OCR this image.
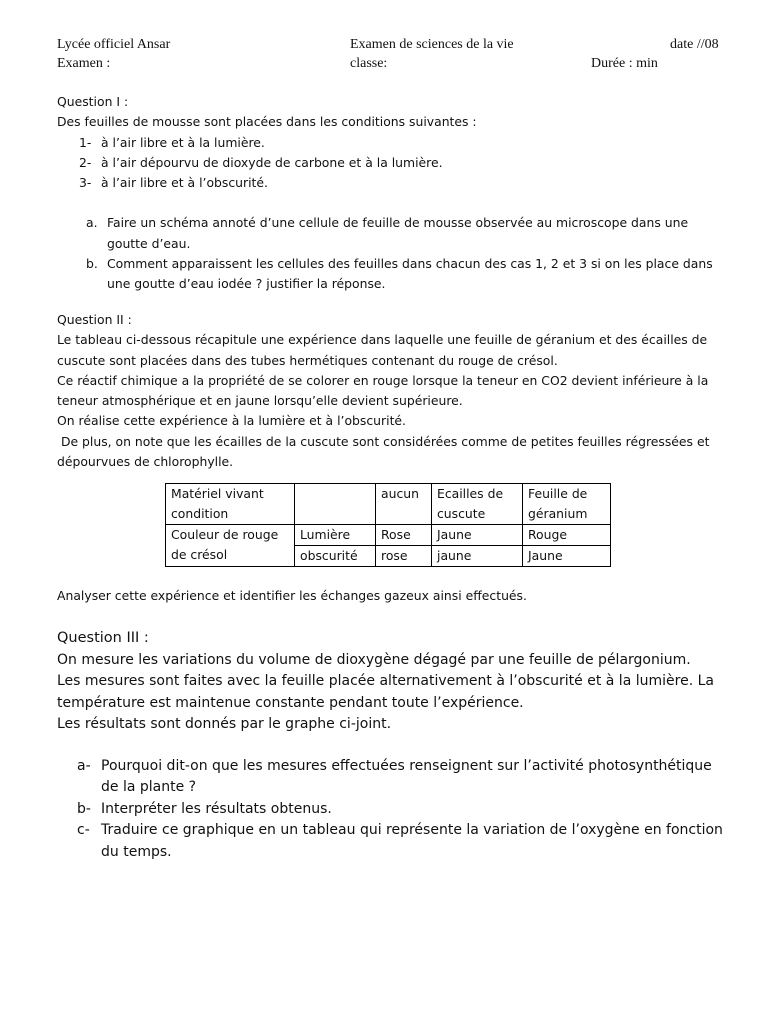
Lycée officiel Ansar
Examen :
Examen de sciences de la vie
classe:
date //08
Durée : min

Question I :

Des feuilles de mousse sont placées dans les conditions suivantes :

1- à l’air libre et à la lumière.
2- à l’air dépourvu de dioxyde de carbone et à la lumière.
3- à l’air libre et à l’obscurité.
a. Faire un schéma annoté d’une cellule de feuille de mousse observée au microscope dans une goutte d’eau.
b. Comment apparaissent les cellules des feuilles dans chacun des cas 1, 2 et 3 si on les place dans une goutte d’eau iodée ? justifier la réponse.

Question II :

Le tableau ci-dessous récapitule une expérience dans laquelle une feuille de géranium et des écailles de cuscute sont placées dans des tubes hermétiques contenant du rouge de crésol.

Ce réactif chimique a la propriété de se colorer en rouge lorsque la teneur en CO2 devient inférieure à la teneur atmosphérique et en jaune lorsqu’elle devient supérieure.

On réalise cette expérience à la lumière et à l’obscurité.

De plus, on note que les écailles de la cuscute sont considérées comme de petites feuilles régressées et dépourvues de chlorophylle.

Matériel vivant condition		aucun	Ecailles de  cuscute	Feuille de géranium
Couleur de rouge  de crésol	Lumière	Rose	Jaune	Rouge
	obscurité	rose	jaune	Jaune
Analyser cette expérience et identifier les échanges gazeux ainsi effectués.

Question III :

On mesure les variations du volume de dioxygène dégagé par une feuille de pélargonium.

Les mesures sont faites avec la feuille placée alternativement à l’obscurité et à la lumière. La température est maintenue constante pendant toute l’expérience.

Les résultats sont donnés par le graphe ci-joint.

a- Pourquoi dit-on que les mesures effectuées renseignent sur l’activité photosynthétique de la plante ?
b- Interpréter les résultats obtenus.
c- Traduire ce graphique en un tableau qui représente la variation de l’oxygène en fonction du temps.
